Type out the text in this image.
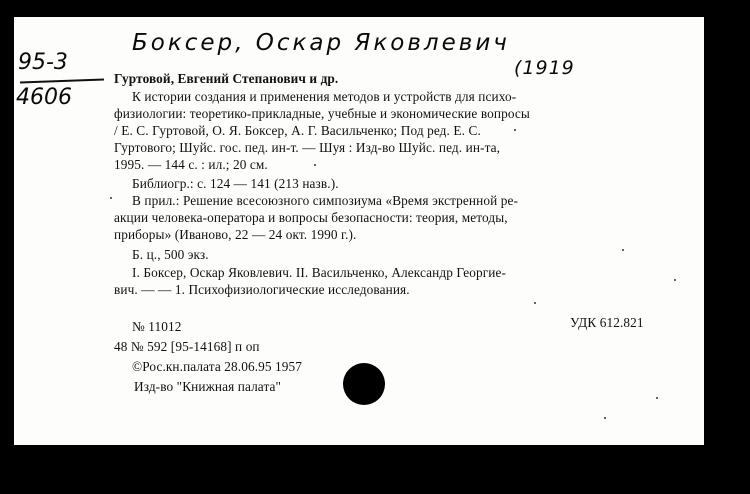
Боксер, Оскар Яковлевич
(1919
95-3
4606
Гуртовой, Евгений Степанович и др.
К истории создания и применения методов и устройств для психо-
физиологии: теоретико-прикладные, учебные и экономические вопросы
/ Е. С. Гуртовой, О. Я. Боксер, А. Г. Васильченко; Под ред. Е. С.
Гуртового; Шуйс. гос. пед. ин-т. — Шуя : Изд-во Шуйс. пед. ин-та,
1995. — 144 с. : ил.; 20 см.
Библиогр.: с. 124 — 141 (213 назв.).
В прил.: Решение всесоюзного симпозиума «Время экстренной ре-
акции человека-оператора и вопросы безопасности: теория, методы,
приборы» (Иваново, 22 — 24 окт. 1990 г.).
Б. ц., 500 экз.
I. Боксер, Оскар Яковлевич. II. Васильченко, Александр Георгие-
вич. — — 1. Психофизиологические исследования.
№ 11012	УДК 612.821
48 № 592 [95-14168] п оп
©Рос.кн.палата 28.06.95 1957
Изд-во "Книжная палата"
